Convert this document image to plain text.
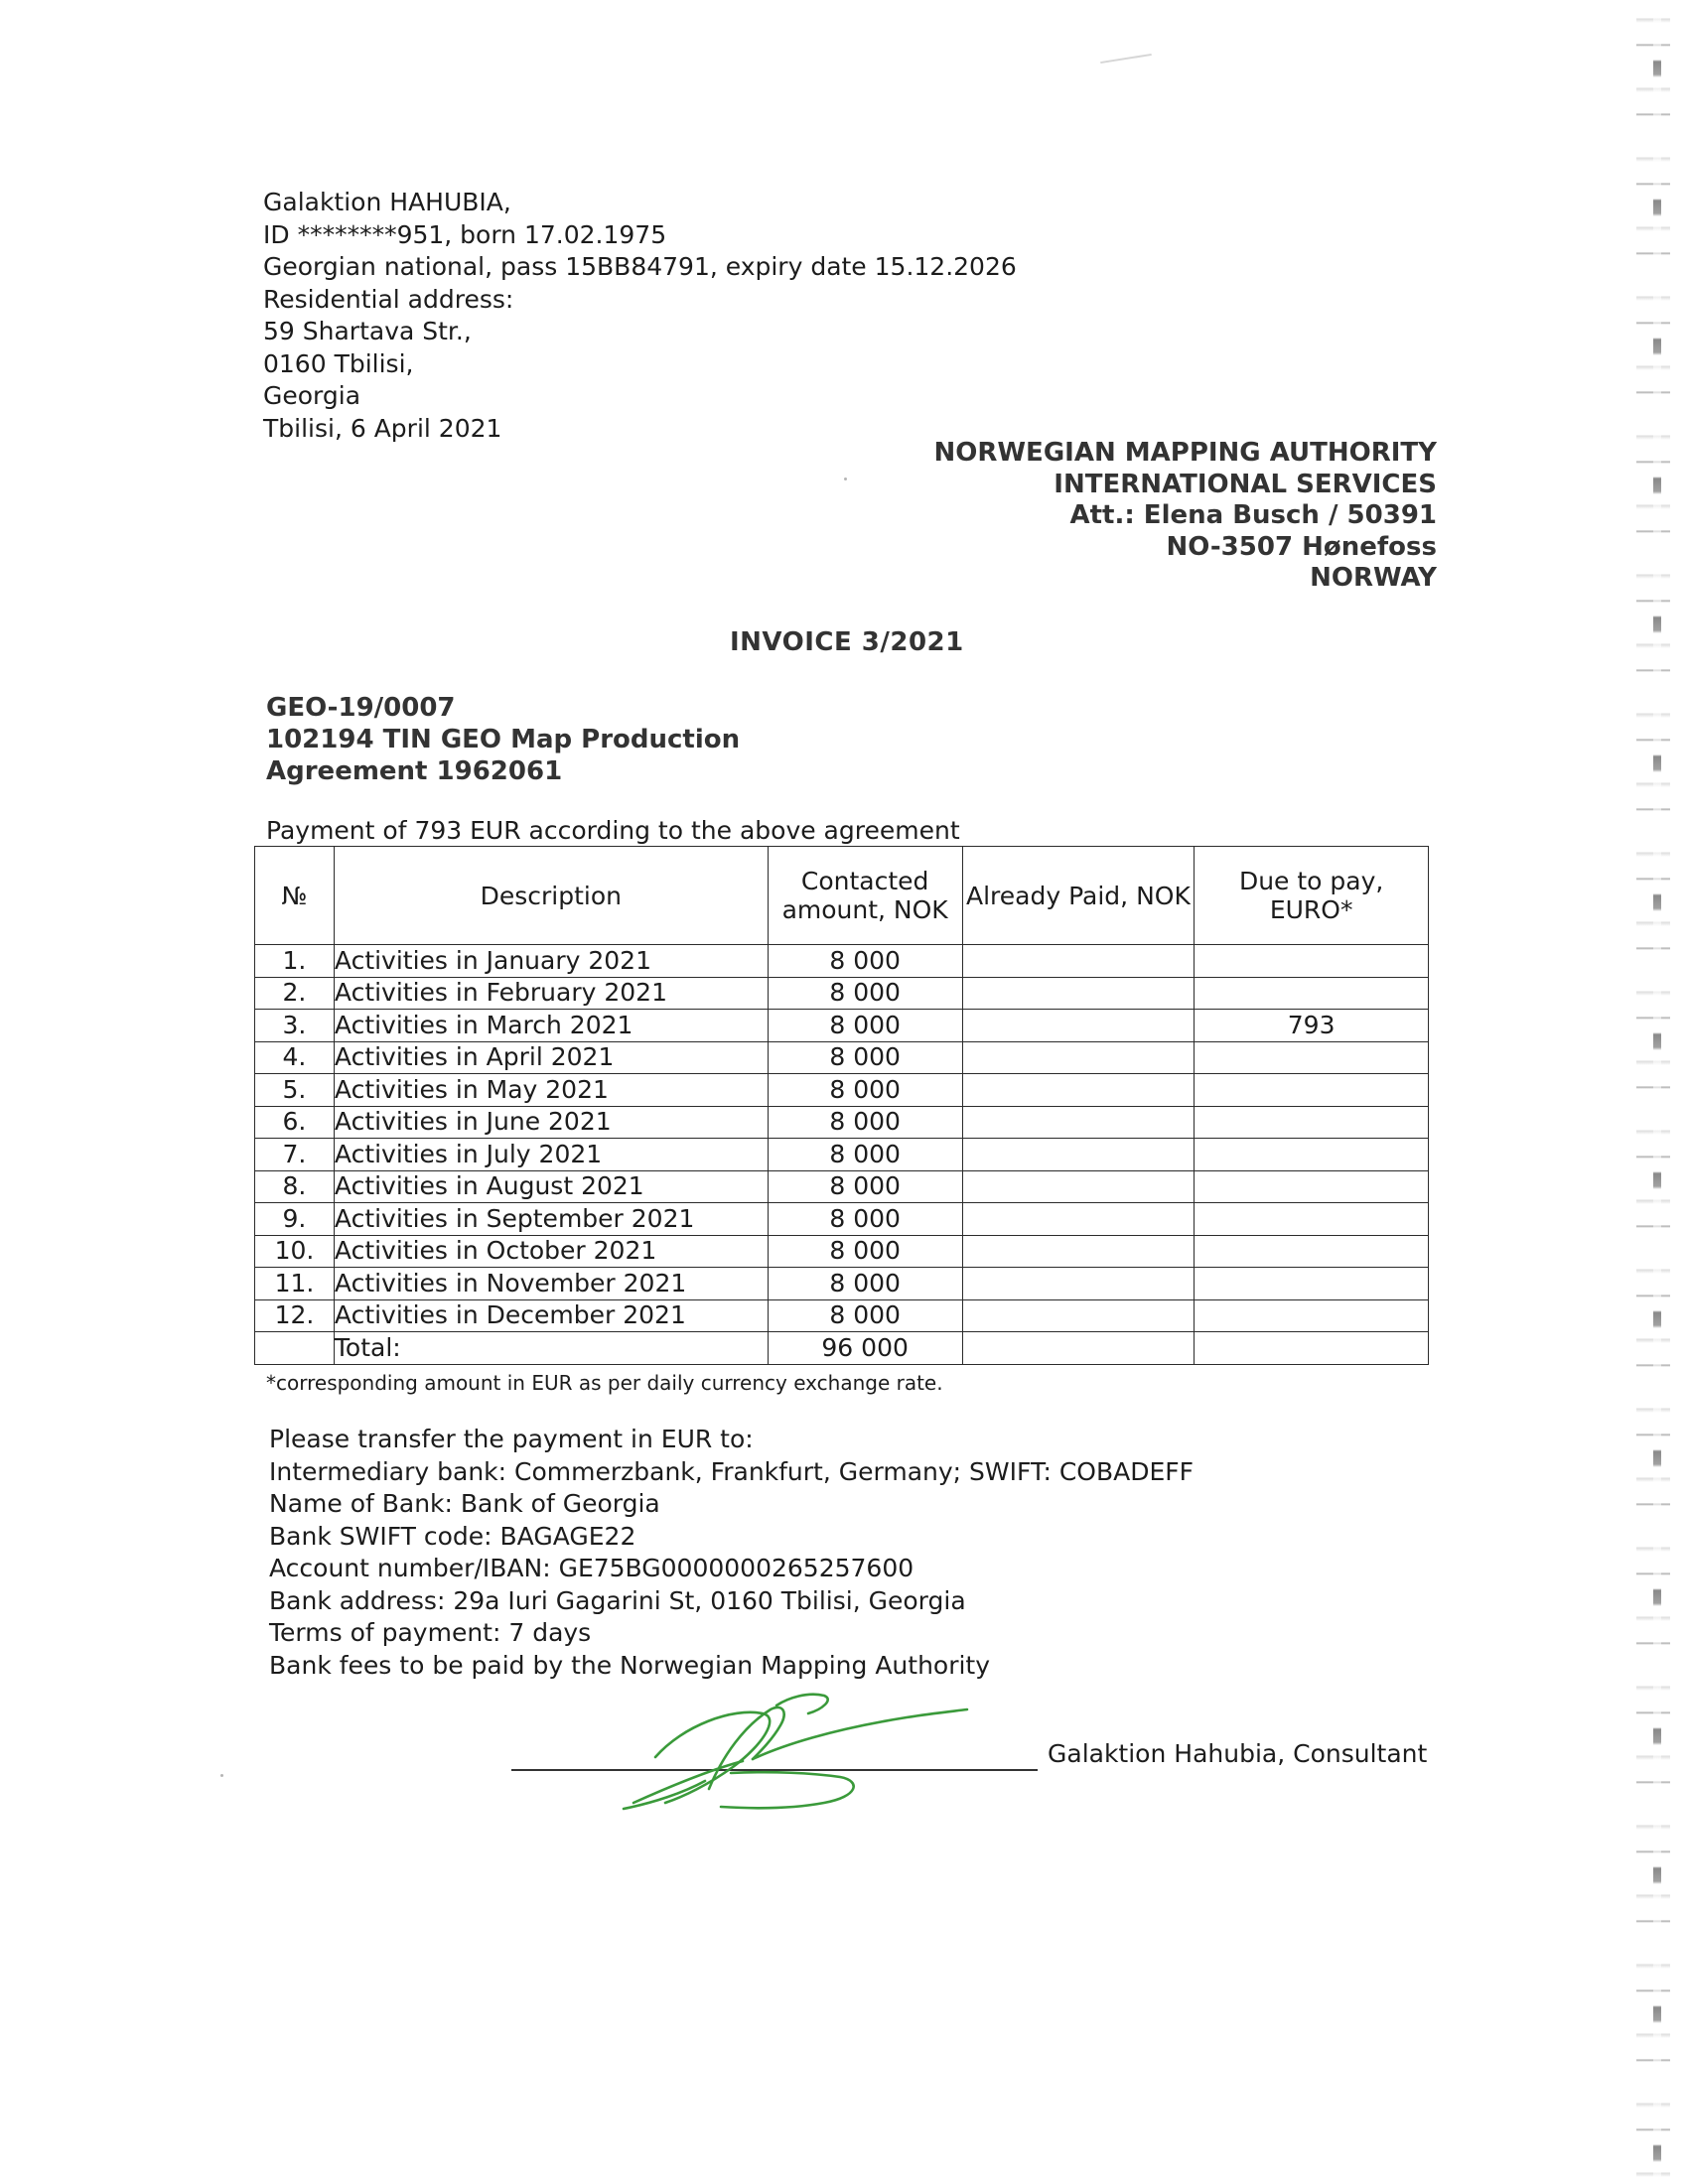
Galaktion HAHUBIA,
ID ********951, born 17.02.1975
Georgian national, pass 15BB84791, expiry date 15.12.2026
Residential address:
59 Shartava Str.,
0160 Tbilisi,
Georgia
Tbilisi, 6 April 2021
NORWEGIAN MAPPING AUTHORITY
INTERNATIONAL SERVICES
Att.: Elena Busch / 50391
NO-3507 Hønefoss
NORWAY
INVOICE 3/2021
GEO-19/0007
102194 TIN GEO Map Production
Agreement 1962061
Payment of 793 EUR according to the above agreement
№	Description	Contacted amount, NOK	Already Paid, NOK	Due to pay, EURO*
1.	Activities in January 2021	8 000		
2.	Activities in February 2021	8 000		
3.	Activities in March 2021	8 000		793
4.	Activities in April 2021	8 000		
5.	Activities in May 2021	8 000		
6.	Activities in June 2021	8 000		
7.	Activities in July 2021	8 000		
8.	Activities in August 2021	8 000		
9.	Activities in September 2021	8 000		
10.	Activities in October 2021	8 000		
11.	Activities in November 2021	8 000		
12.	Activities in December 2021	8 000		
	Total:	96 000		
*corresponding amount in EUR as per daily currency exchange rate.
Please transfer the payment in EUR to:
Intermediary bank: Commerzbank, Frankfurt, Germany; SWIFT: COBADEFF
Name of Bank: Bank of Georgia
Bank SWIFT code: BAGAGE22
Account number/IBAN: GE75BG0000000265257600
Bank address: 29a Iuri Gagarini St, 0160 Tbilisi, Georgia
Terms of payment: 7 days
Bank fees to be paid by the Norwegian Mapping Authority
Galaktion Hahubia, Consultant
